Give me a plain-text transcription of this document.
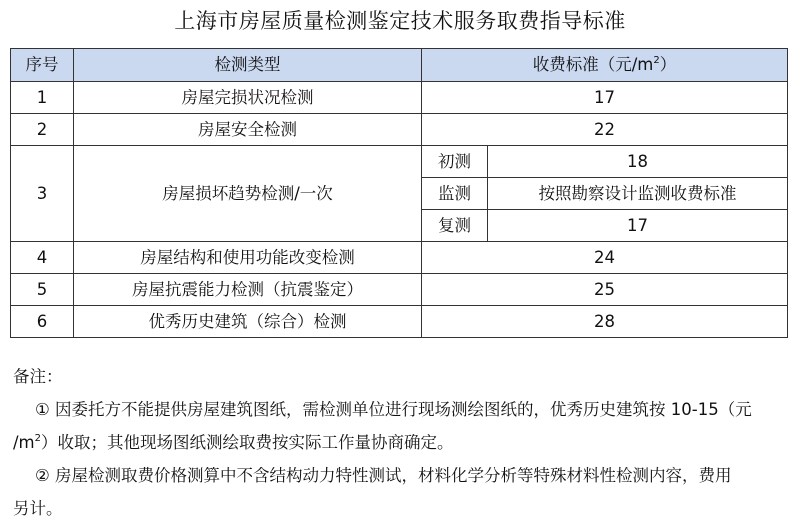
上海市房屋质量检测鉴定技术服务取费指导标准
序号	检测类型	收费标准（元$/m^2$）	
1	房屋完损状况检测	17	
2	房屋安全检测	22	
3	房屋损坏趋势检测/一次	初测	18
		监测	按照勘察设计监测收费标准
		复测	17
4	房屋结构和使用功能改变检测	24	
5	房屋抗震能力检测（抗震鉴定）	25	
6	优秀历史建筑（综合）检测	28	
备注：
① 因委托方不能提供房屋建筑图纸，需检测单位进行现场测绘图纸的，优秀历史建筑按 10-15（元
$/m^2$）收取；其他现场图纸测绘取费按实际工作量协商确定。
② 房屋检测取费价格测算中不含结构动力特性测试，材料化学分析等特殊材料性检测内容，费用
另计。
